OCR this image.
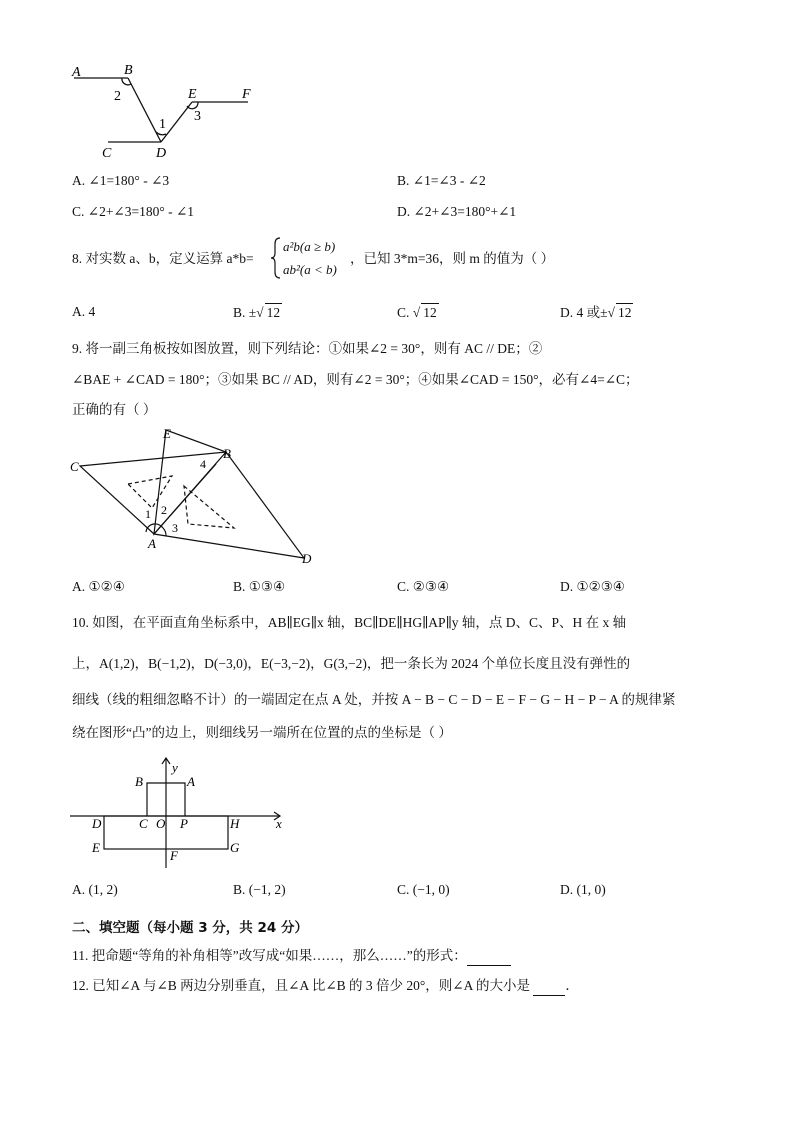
A	B
2	E	F
3
1
C	D
A. ∠1=180° - ∠3	B. ∠1=∠3 - ∠2
C. ∠2+∠3=180° - ∠1	D. ∠2+∠3=180°+∠1
8. 对实数 a、b，定义运算 a*b=
a²b(a ≥ b)
ab²(a < b)
，已知 3*m=36，则 m 的值为（ ）
A. 4	B. ±√ 12	C. √ 12	D. 4 或±√ 12
9. 将一副三角板按如图放置，则下列结论：①如果∠2 = 30°，则有 AC // DE；②
∠BAE + ∠CAD = 180°；③如果 BC // AD，则有∠2 = 30°；④如果∠CAD = 150°，必有∠4=∠C；
正确的有（ ）
E
B
4
C
1 2
3
A
D
A. ①②④	B. ①③④	C. ②③④	D. ①②③④
10. 如图，在平面直角坐标系中，AB∥EG∥x 轴，BC∥DE∥HG∥AP∥y 轴，点 D、C、P、H 在 x 轴
上，A(1,2)，B(−1,2)，D(−3,0)，E(−3,−2)，G(3,−2)，把一条长为 2024 个单位长度且没有弹性的
细线（线的粗细忽略不计）的一端固定在点 A 处，并按 A − B − C − D − E − F − G − H − P − A 的规律紧
绕在图形“凸”的边上，则细线另一端所在位置的点的坐标是（ ）
y
x
B	A
D	C O P	H
E
F
G
A. (1, 2)	B. (−1, 2)	C. (−1, 0)	D. (1, 0)
二、填空题（每小题 3 分，共 24 分）
11. 把命题“等角的补角相等”改写成“如果……，那么……”的形式：
12. 已知∠A 与∠B 两边分别垂直，且∠A 比∠B 的 3 倍少 20°，则∠A 的大小是	．
